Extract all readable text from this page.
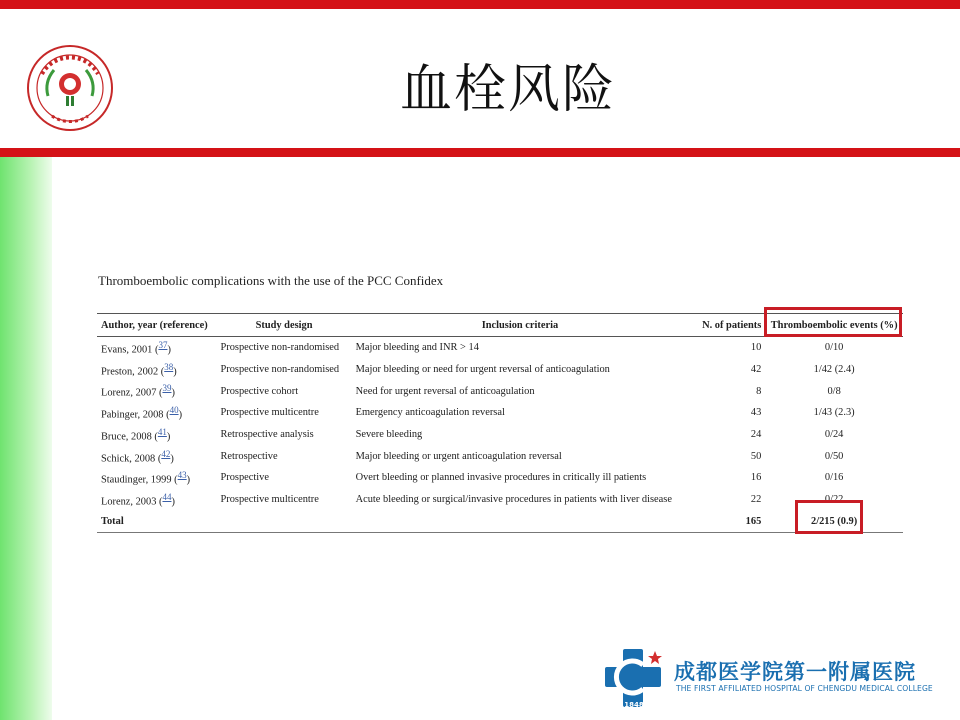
血栓风险
Thromboembolic complications with the use of the PCC Confidex
Author, year (reference)	Study design	Inclusion criteria	N. of patients	Thromboembolic events (%)
Evans, 2001 (37)	Prospective non-randomised	Major bleeding and INR > 14	10	0/10
Preston, 2002 (38)	Prospective non-randomised	Major bleeding or need for urgent reversal of anticoagulation	42	1/42 (2.4)
Lorenz, 2007 (39)	Prospective cohort	Need for urgent reversal of anticoagulation	8	0/8
Pabinger, 2008 (40)	Prospective multicentre	Emergency anticoagulation reversal	43	1/43 (2.3)
Bruce, 2008 (41)	Retrospective analysis	Severe bleeding	24	0/24
Schick, 2008 (42)	Retrospective	Major bleeding or urgent anticoagulation reversal	50	0/50
Staudinger, 1999 (43)	Prospective	Overt bleeding or planned invasive procedures in critically ill patients	16	0/16
Lorenz, 2003 (44)	Prospective multicentre	Acute bleeding or surgical/invasive procedures in patients with liver disease	22	0/22
Total			165	2/215 (0.9)
1848
成都医学院第一附属医院
THE FIRST AFFILIATED HOSPITAL OF CHENGDU MEDICAL COLLEGE
